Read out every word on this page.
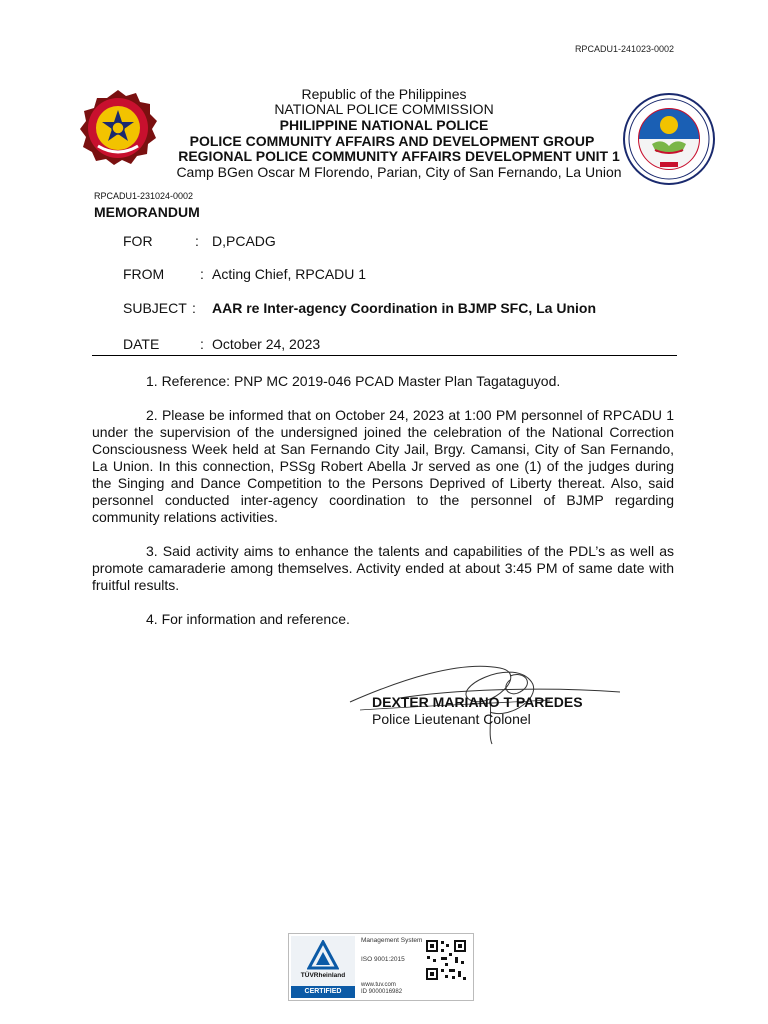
RPCADU1-241023-0002
Republic of the Philippines
NATIONAL POLICE COMMISSION
PHILIPPINE NATIONAL POLICE
POLICE COMMUNITY AFFAIRS AND DEVELOPMENT GROUP
REGIONAL POLICE COMMUNITY AFFAIRS DEVELOPMENT UNIT 1
Camp BGen Oscar M Florendo, Parian, City of San Fernando, La Union
RPCADU1-231024-0002
MEMORANDUM
FOR	: D,PCADG
FROM	: Acting Chief, RPCADU 1
SUBJECT : AAR re Inter-agency Coordination in BJMP SFC, La Union
DATE	: October 24, 2023
1. Reference: PNP MC 2019-046 PCAD Master Plan Tagataguyod.
2. Please be informed that on October 24, 2023 at 1:00 PM personnel of RPCADU 1 under the supervision of the undersigned joined the celebration of the National Correction Consciousness Week held at San Fernando City Jail, Brgy. Camansi, City of San Fernando, La Union. In this connection, PSSg Robert Abella Jr served as one (1) of the judges during the Singing and Dance Competition to the Persons Deprived of Liberty thereat. Also, said personnel conducted inter-agency coordination to the personnel of BJMP regarding community relations activities.
3. Said activity aims to enhance the talents and capabilities of the PDL’s as well as promote camaraderie among themselves. Activity ended at about 3:45 PM of same date with fruitful results.
4. For information and reference.
DEXTER MARIANO T PAREDES
Police Lieutenant Colonel
TÜVRheinland
CERTIFIED
Management System
ISO 9001:2015
www.tuv.com
ID 9000016982
